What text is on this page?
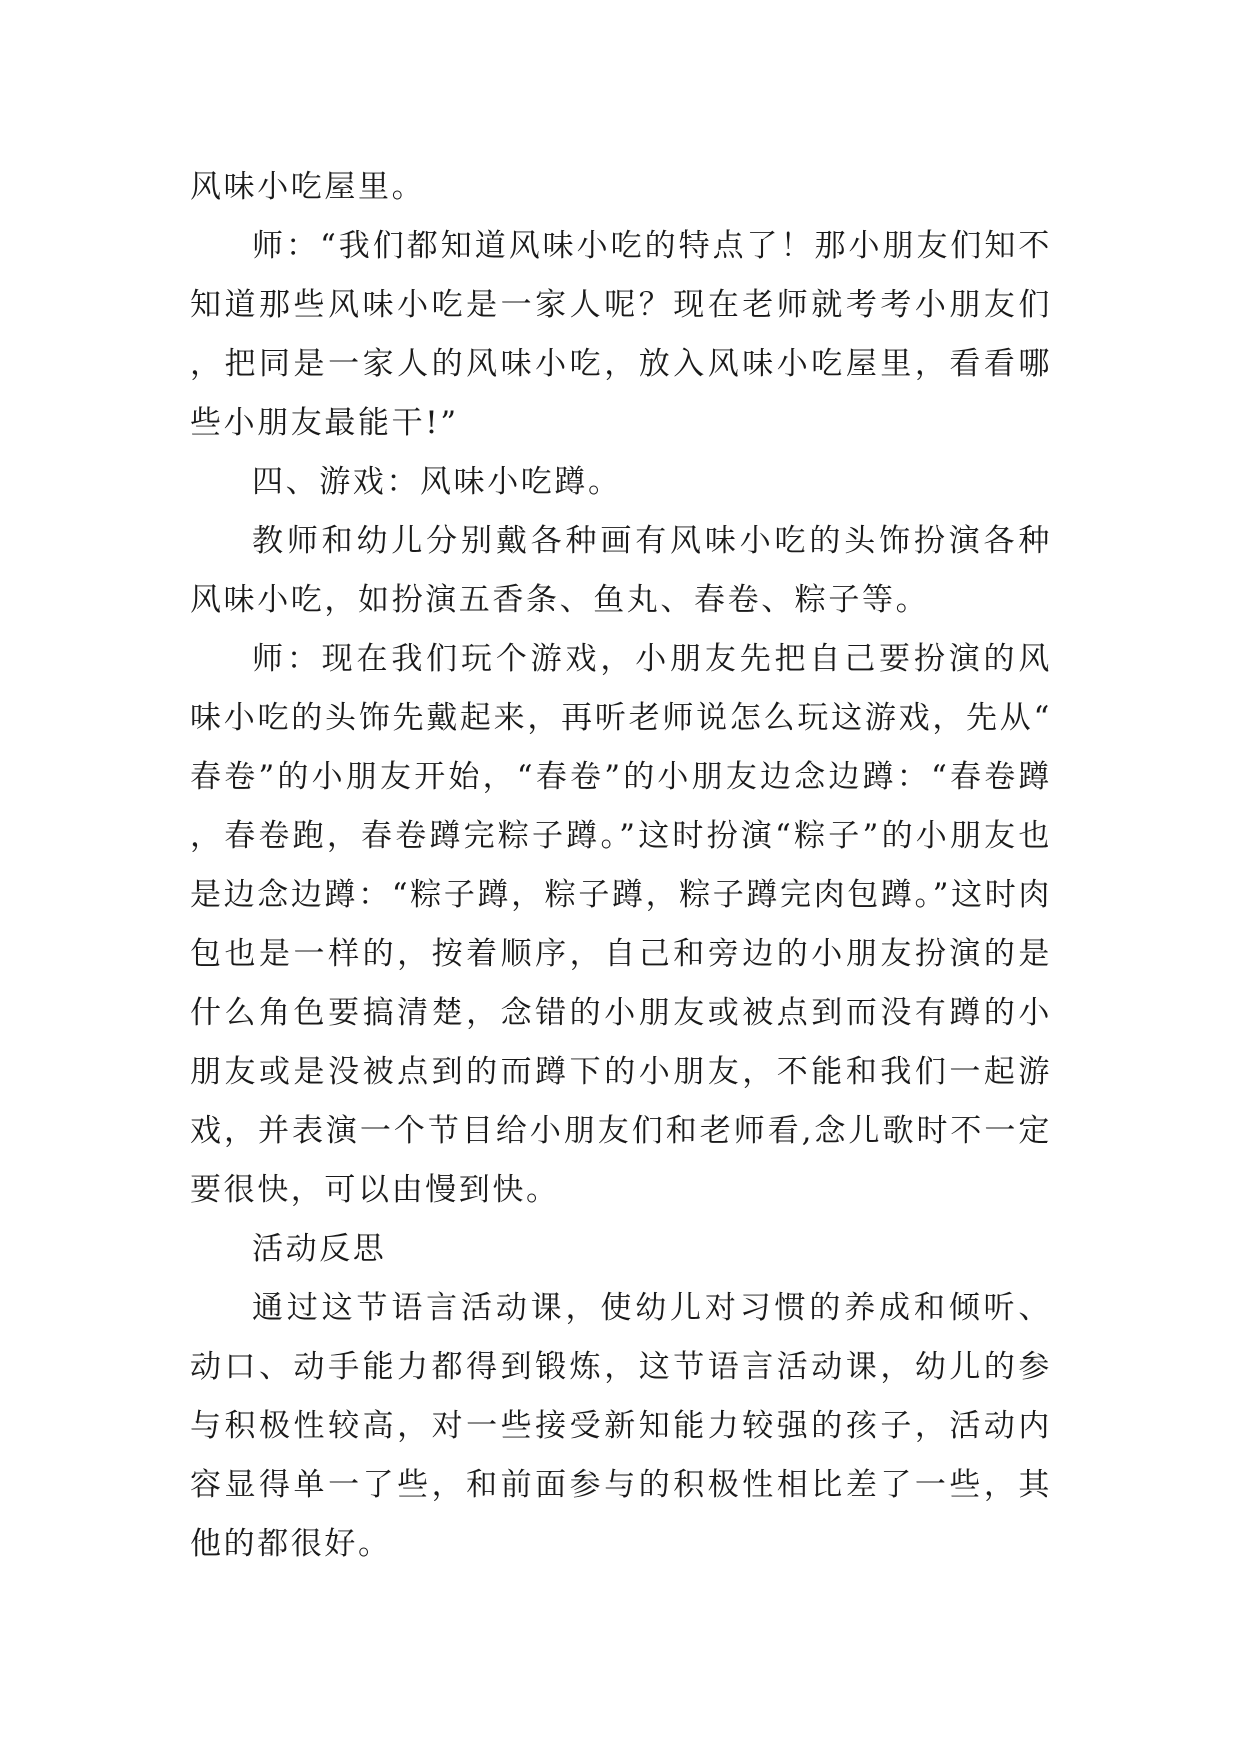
风味小吃屋里。

师：“我们都知道风味小吃的特点了！那小朋友们知不知道那些风味小吃是一家人呢？现在老师就考考小朋友们，把同是一家人的风味小吃，放入风味小吃屋里，看看哪些小朋友最能干!”

四、游戏：风味小吃蹲。

教师和幼儿分别戴各种画有风味小吃的头饰扮演各种风味小吃，如扮演五香条、鱼丸、春卷、粽子等。

师：现在我们玩个游戏，小朋友先把自己要扮演的风味小吃的头饰先戴起来，再听老师说怎么玩这游戏，先从“春卷”的小朋友开始，“春卷”的小朋友边念边蹲：“春卷蹲，春卷跑，春卷蹲完粽子蹲。”这时扮演“粽子”的小朋友也是边念边蹲：“粽子蹲，粽子蹲，粽子蹲完肉包蹲。”这时肉包也是一样的，按着顺序，自己和旁边的小朋友扮演的是什么角色要搞清楚，念错的小朋友或被点到而没有蹲的小朋友或是没被点到的而蹲下的小朋友，不能和我们一起游戏，并表演一个节目给小朋友们和老师看,念儿歌时不一定要很快，可以由慢到快。

活动反思

通过这节语言活动课，使幼儿对习惯的养成和倾听、动口、动手能力都得到锻炼，这节语言活动课，幼儿的参与积极性较高，对一些接受新知能力较强的孩子，活动内容显得单一了些，和前面参与的积极性相比差了一些，其他的都很好。
